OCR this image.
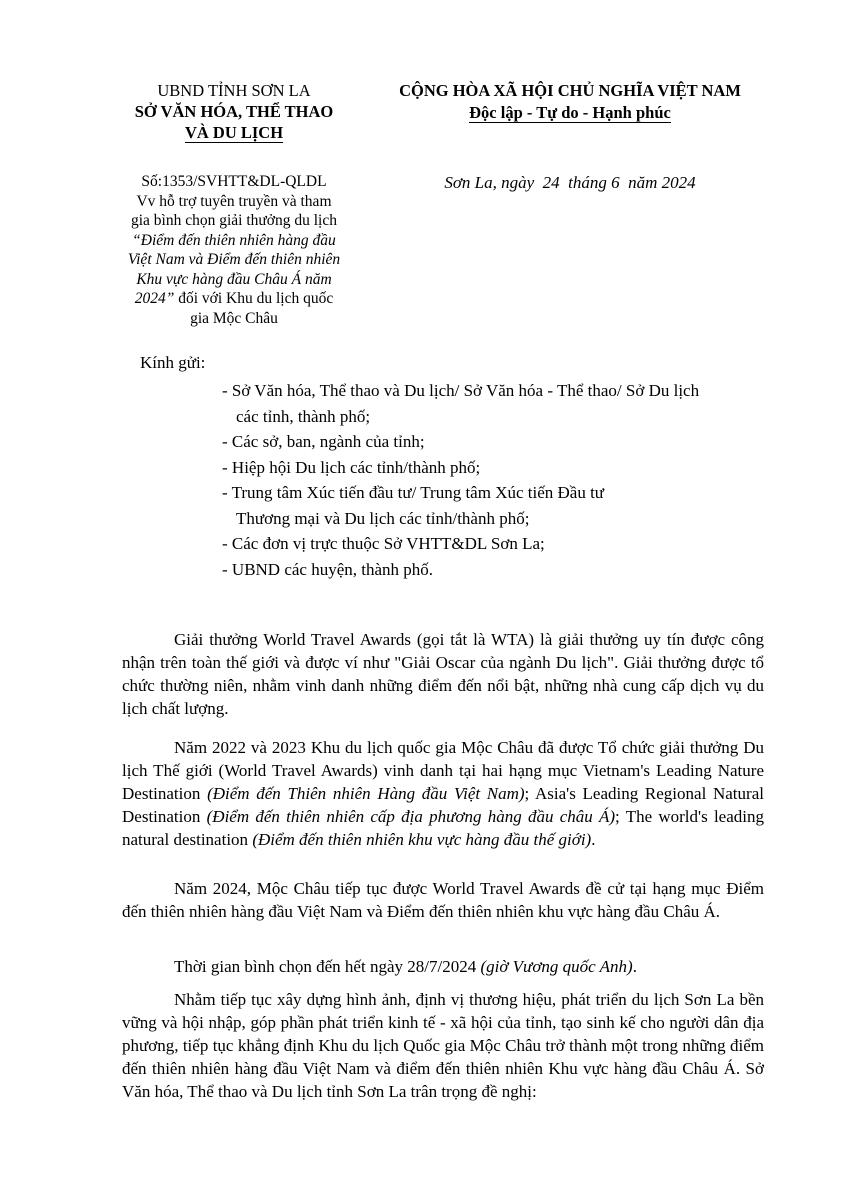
UBND TỈNH SƠN LA
SỞ VĂN HÓA, THỂ THAO
VÀ DU LỊCH
CỘNG HÒA XÃ HỘI CHỦ NGHĨA VIỆT NAM
Độc lập - Tự do - Hạnh phúc
Số:1353/SVHTT&DL-QLDL
Vv hỗ trợ tuyên truyền và tham
gia bình chọn giải thưởng du lịch
“Điểm đến thiên nhiên hàng đầu
Việt Nam và Điểm đến thiên nhiên
Khu vực hàng đầu Châu Á năm
2024” đối với Khu du lịch quốc
gia Mộc Châu
Sơn La, ngày  24  tháng 6  năm 2024
Kính gửi:
- Sở Văn hóa, Thể thao và Du lịch/ Sở Văn hóa - Thể thao/ Sở Du lịch
các tỉnh, thành phố;
- Các sở, ban, ngành của tỉnh;
- Hiệp hội Du lịch các tỉnh/thành phố;
- Trung tâm Xúc tiến đầu tư/ Trung tâm Xúc tiến Đầu tư
Thương mại và Du lịch các tỉnh/thành phố;
- Các đơn vị trực thuộc Sở VHTT&DL Sơn La;
- UBND các huyện, thành phố.
Giải thưởng World Travel Awards (gọi tắt là WTA) là giải thưởng uy tín được công nhận trên toàn thế giới và được ví như "Giải Oscar của ngành Du lịch". Giải thưởng được tổ chức thường niên, nhằm vinh danh những điểm đến nổi bật, những nhà cung cấp dịch vụ du lịch chất lượng.
Năm 2022 và 2023 Khu du lịch quốc gia Mộc Châu đã được Tổ chức giải thưởng Du lịch Thế giới (World Travel Awards) vinh danh tại hai hạng mục Vietnam's Leading Nature Destination (Điểm đến Thiên nhiên Hàng đầu Việt Nam); Asia's Leading Regional Natural Destination (Điểm đến thiên nhiên cấp địa phương hàng đầu châu Á); The world's leading natural destination (Điểm đến thiên nhiên khu vực hàng đầu thế giới).
Năm 2024, Mộc Châu tiếp tục được World Travel Awards đề cử tại hạng mục Điểm đến thiên nhiên hàng đầu Việt Nam và Điểm đến thiên nhiên khu vực hàng đầu Châu Á.
Thời gian bình chọn đến hết ngày 28/7/2024 (giờ Vương quốc Anh).
Nhằm tiếp tục xây dựng hình ảnh, định vị thương hiệu, phát triển du lịch Sơn La bền vững và hội nhập, góp phần phát triển kinh tế - xã hội của tỉnh, tạo sinh kế cho người dân địa phương, tiếp tục khẳng định Khu du lịch Quốc gia Mộc Châu trở thành một trong những điểm đến thiên nhiên hàng đầu Việt Nam và điểm đến thiên nhiên Khu vực hàng đầu Châu Á. Sở Văn hóa, Thể thao và Du lịch tỉnh Sơn La trân trọng đề nghị:
